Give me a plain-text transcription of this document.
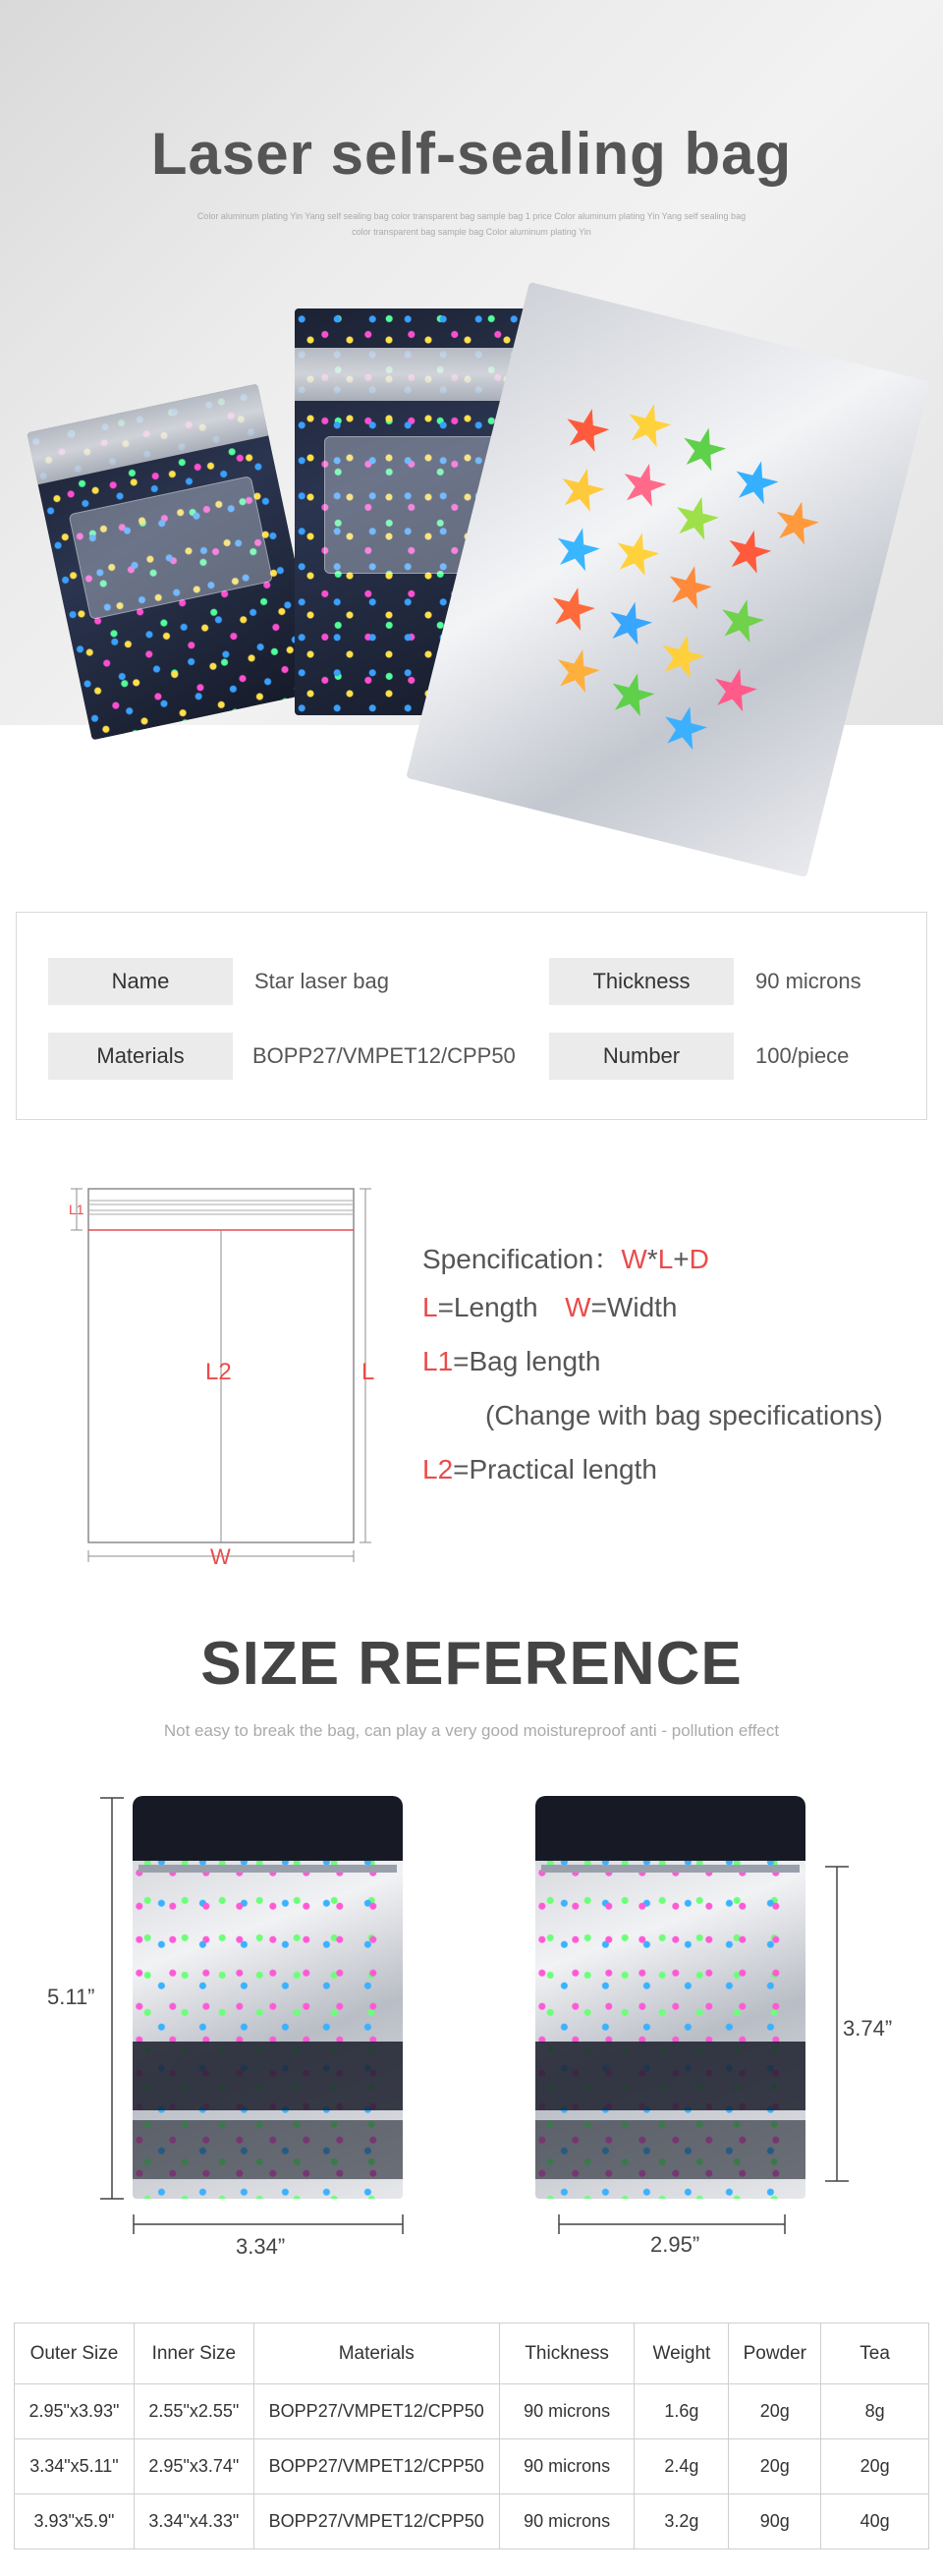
Laser self-sealing bag

Color aluminum plating Yin Yang self sealing bag color transparent bag sample bag 1 price Color aluminum plating Yin Yang self sealing bag color transparent bag sample bag Color aluminum plating Yin

Name	Star laser bag	Thickness	90 microns
Materials	BOPP27/VMPET12/CPP50	Number	100/piece
L1
L2	L
W
Spencification：W*L+D
L=Length W=Width
L1=Bag length
(Change with bag specifications)
L2=Practical length
SIZE REFERENCE

Not easy to break the bag, can play a very good moistureproof anti - pollution effect

5.11”
3.34”
3.74”
2.95”
Outer Size	Inner Size	Materials	Thickness	Weight	Powder	Tea
2.95"x3.93"	2.55"x2.55"	BOPP27/VMPET12/CPP50	90 microns	1.6g	20g	8g
3.34"x5.11"	2.95"x3.74"	BOPP27/VMPET12/CPP50	90 microns	2.4g	20g	20g
3.93"x5.9"	3.34"x4.33"	BOPP27/VMPET12/CPP50	90 microns	3.2g	90g	40g
